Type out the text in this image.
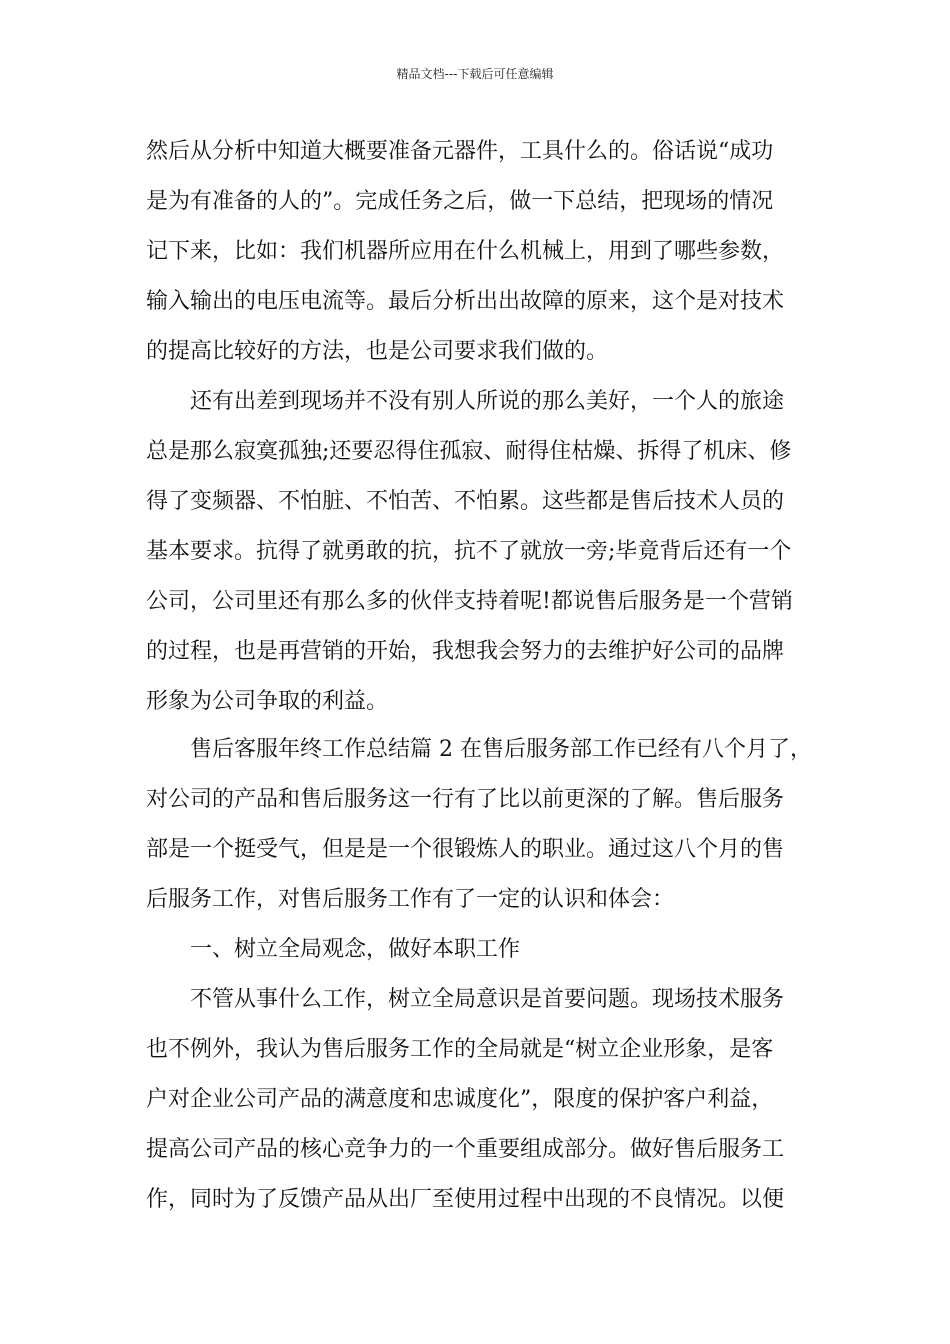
精品文档---下载后可任意编辑
然后从分析中知道大概要准备元器件，工具什么的。俗话说“成功
是为有准备的人的”。完成任务之后，做一下总结，把现场的情况
记下来，比如：我们机器所应用在什么机械上，用到了哪些参数，
输入输出的电压电流等。最后分析出出故障的原来，这个是对技术
的提高比较好的方法，也是公司要求我们做的。
还有出差到现场并不没有别人所说的那么美好，一个人的旅途
总是那么寂寞孤独;还要忍得住孤寂、耐得住枯燥、拆得了机床、修
得了变频器、不怕脏、不怕苦、不怕累。这些都是售后技术人员的
基本要求。抗得了就勇敢的抗，抗不了就放一旁;毕竟背后还有一个
公司，公司里还有那么多的伙伴支持着呢!都说售后服务是一个营销
的过程，也是再营销的开始，我想我会努力的去维护好公司的品牌
形象为公司争取的利益。
售后客服年终工作总结篇 2 在售后服务部工作已经有八个月了，
对公司的产品和售后服务这一行有了比以前更深的了解。售后服务
部是一个挺受气，但是是一个很锻炼人的职业。通过这八个月的售
后服务工作，对售后服务工作有了一定的认识和体会：
一、树立全局观念，做好本职工作
不管从事什么工作，树立全局意识是首要问题。现场技术服务
也不例外，我认为售后服务工作的全局就是“树立企业形象，是客
户对企业公司产品的满意度和忠诚度化”，限度的保护客户利益，
提高公司产品的核心竞争力的一个重要组成部分。做好售后服务工
作，同时为了反馈产品从出厂至使用过程中出现的不良情况。以便
